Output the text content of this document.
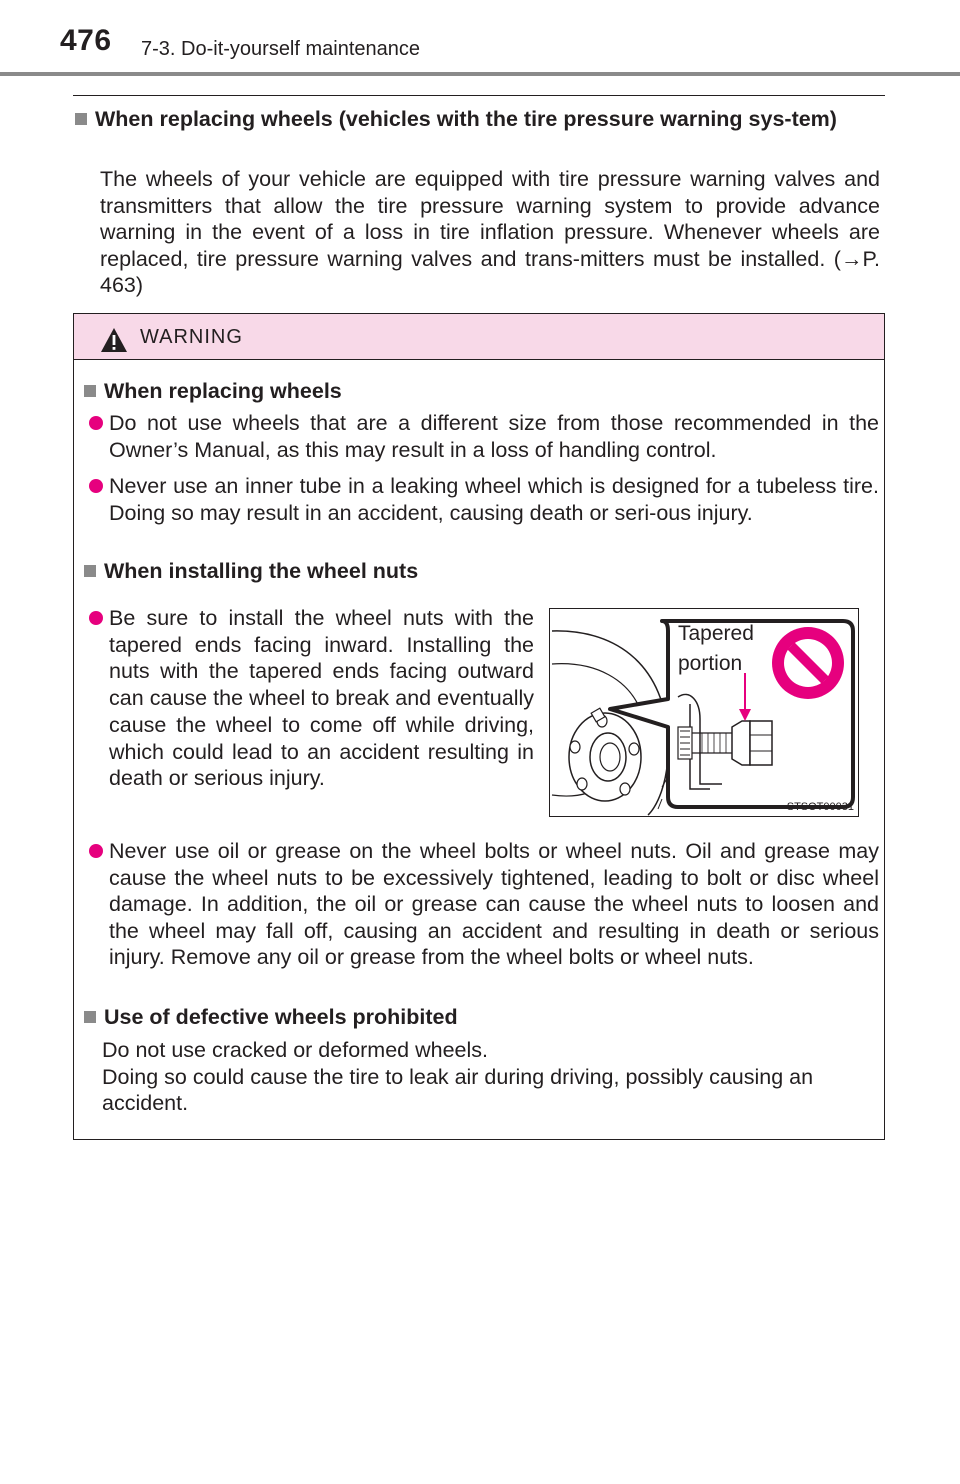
476 7-3. Do-it-yourself maintenance
When replacing wheels (vehicles with the tire pressure warning sys-tem)
The wheels of your vehicle are equipped with tire pressure warning valves and transmitters that allow the tire pressure warning system to provide advance warning in the event of a loss in tire inflation pressure. Whenever wheels are replaced, tire pressure warning valves and trans-mitters must be installed. (→P. 463)
WARNING
When replacing wheels
Do not use wheels that are a different size from those recommended in the Owner’s Manual, as this may result in a loss of handling control.
Never use an inner tube in a leaking wheel which is designed for a tubeless tire. Doing so may result in an accident, causing death or seri-ous injury.
When installing the wheel nuts
Be sure to install the wheel nuts with the tapered ends facing inward. Installing the nuts with the tapered ends facing outward can cause the wheel to break and eventually cause the wheel to come off while driving, which could lead to an accident resulting in death or serious injury.
Tapered
portion
STSOT00031
Never use oil or grease on the wheel bolts or wheel nuts. Oil and grease may cause the wheel nuts to be excessively tightened, leading to bolt or disc wheel damage. In addition, the oil or grease can cause the wheel nuts to loosen and the wheel may fall off, causing an accident and resulting in death or serious injury. Remove any oil or grease from the wheel bolts or wheel nuts.
Use of defective wheels prohibited
Do not use cracked or deformed wheels.
Doing so could cause the tire to leak air during driving, possibly causing an accident.
